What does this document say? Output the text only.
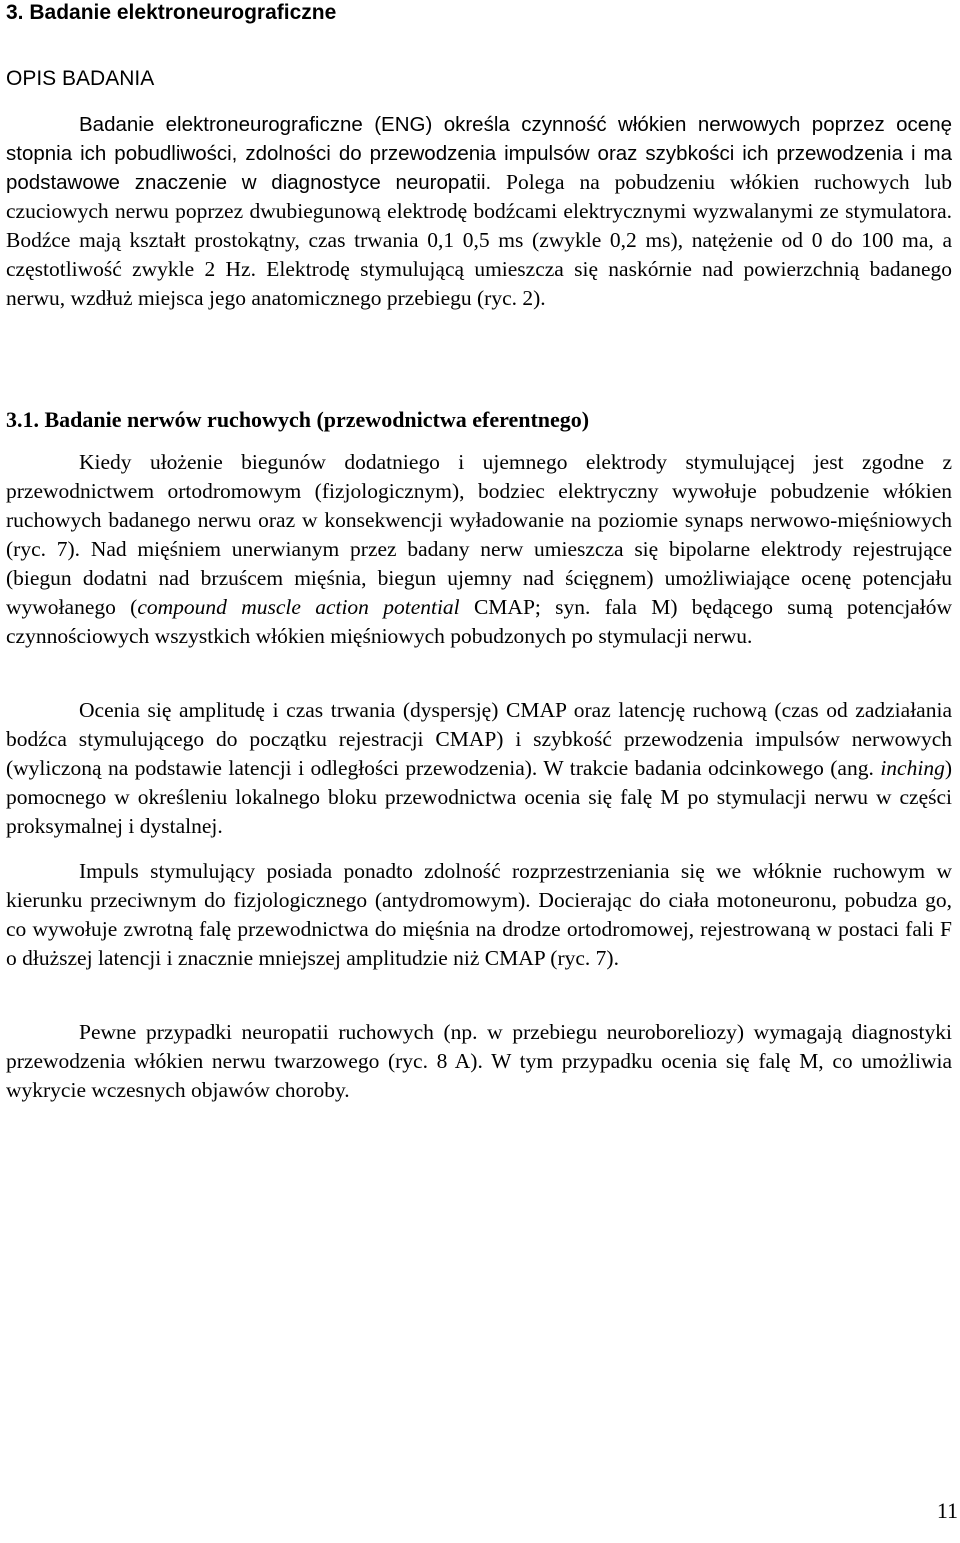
3. Badanie elektroneurograficzne
OPIS BADANIA

Badanie elektroneurograficzne (ENG) określa czynność włókien nerwowych poprzez ocenę stopnia ich pobudliwości, zdolności do przewodzenia impulsów oraz szybkości ich przewodzenia i ma podstawowe znaczenie w diagnostyce neuropatii. Polega na pobudzeniu włókien ruchowych lub czuciowych nerwu poprzez dwubiegunową elektrodę bodźcami elektrycznymi wyzwalanymi ze stymulatora. Bodźce mają kształt prostokątny, czas trwania 0,1 0,5 ms (zwykle 0,2 ms), natężenie od 0 do 100 ma, a częstotliwość zwykle 2 Hz. Elektrodę stymulującą umieszcza się naskórnie nad powierzchnią badanego nerwu, wzdłuż miejsca jego anatomicznego przebiegu (ryc. 2).

3.1. Badanie nerwów ruchowych (przewodnictwa eferentnego)

Kiedy ułożenie biegunów dodatniego i ujemnego elektrody stymulującej jest zgodne z przewodnictwem ortodromowym (fizjologicznym), bodziec elektryczny wywołuje pobudzenie włókien ruchowych badanego nerwu oraz w konsekwencji wyładowanie na poziomie synaps nerwowo-mięśniowych (ryc. 7). Nad mięśniem unerwianym przez badany nerw umieszcza się bipolarne elektrody rejestrujące (biegun dodatni nad brzuścem mięśnia, biegun ujemny nad ścięgnem) umożliwiające ocenę potencjału wywołanego (compound muscle action potential CMAP; syn. fala M) będącego sumą potencjałów czynnościowych wszystkich włókien mięśniowych pobudzonych po stymulacji nerwu.

Ocenia się amplitudę i czas trwania (dyspersję) CMAP oraz latencję ruchową (czas od zadziałania bodźca stymulującego do początku rejestracji CMAP) i szybkość przewodzenia impulsów nerwowych (wyliczoną na podstawie latencji i odległości przewodzenia). W trakcie badania odcinkowego (ang. inching) pomocnego w określeniu lokalnego bloku przewodnictwa ocenia się falę M po stymulacji nerwu w części proksymalnej i dystalnej.

Impuls stymulujący posiada ponadto zdolność rozprzestrzeniania się we włóknie ruchowym w kierunku przeciwnym do fizjologicznego (antydromowym). Docierając do ciała motoneuronu, pobudza go, co wywołuje zwrotną falę przewodnictwa do mięśnia na drodze ortodromowej, rejestrowaną w postaci fali F o dłuższej latencji i znacznie mniejszej amplitudzie niż CMAP (ryc. 7).

Pewne przypadki neuropatii ruchowych (np. w przebiegu neuroboreliozy) wymagają diagnostyki przewodzenia włókien nerwu twarzowego (ryc. 8 A). W tym przypadku ocenia się falę M, co umożliwia wykrycie wczesnych objawów choroby.

11
